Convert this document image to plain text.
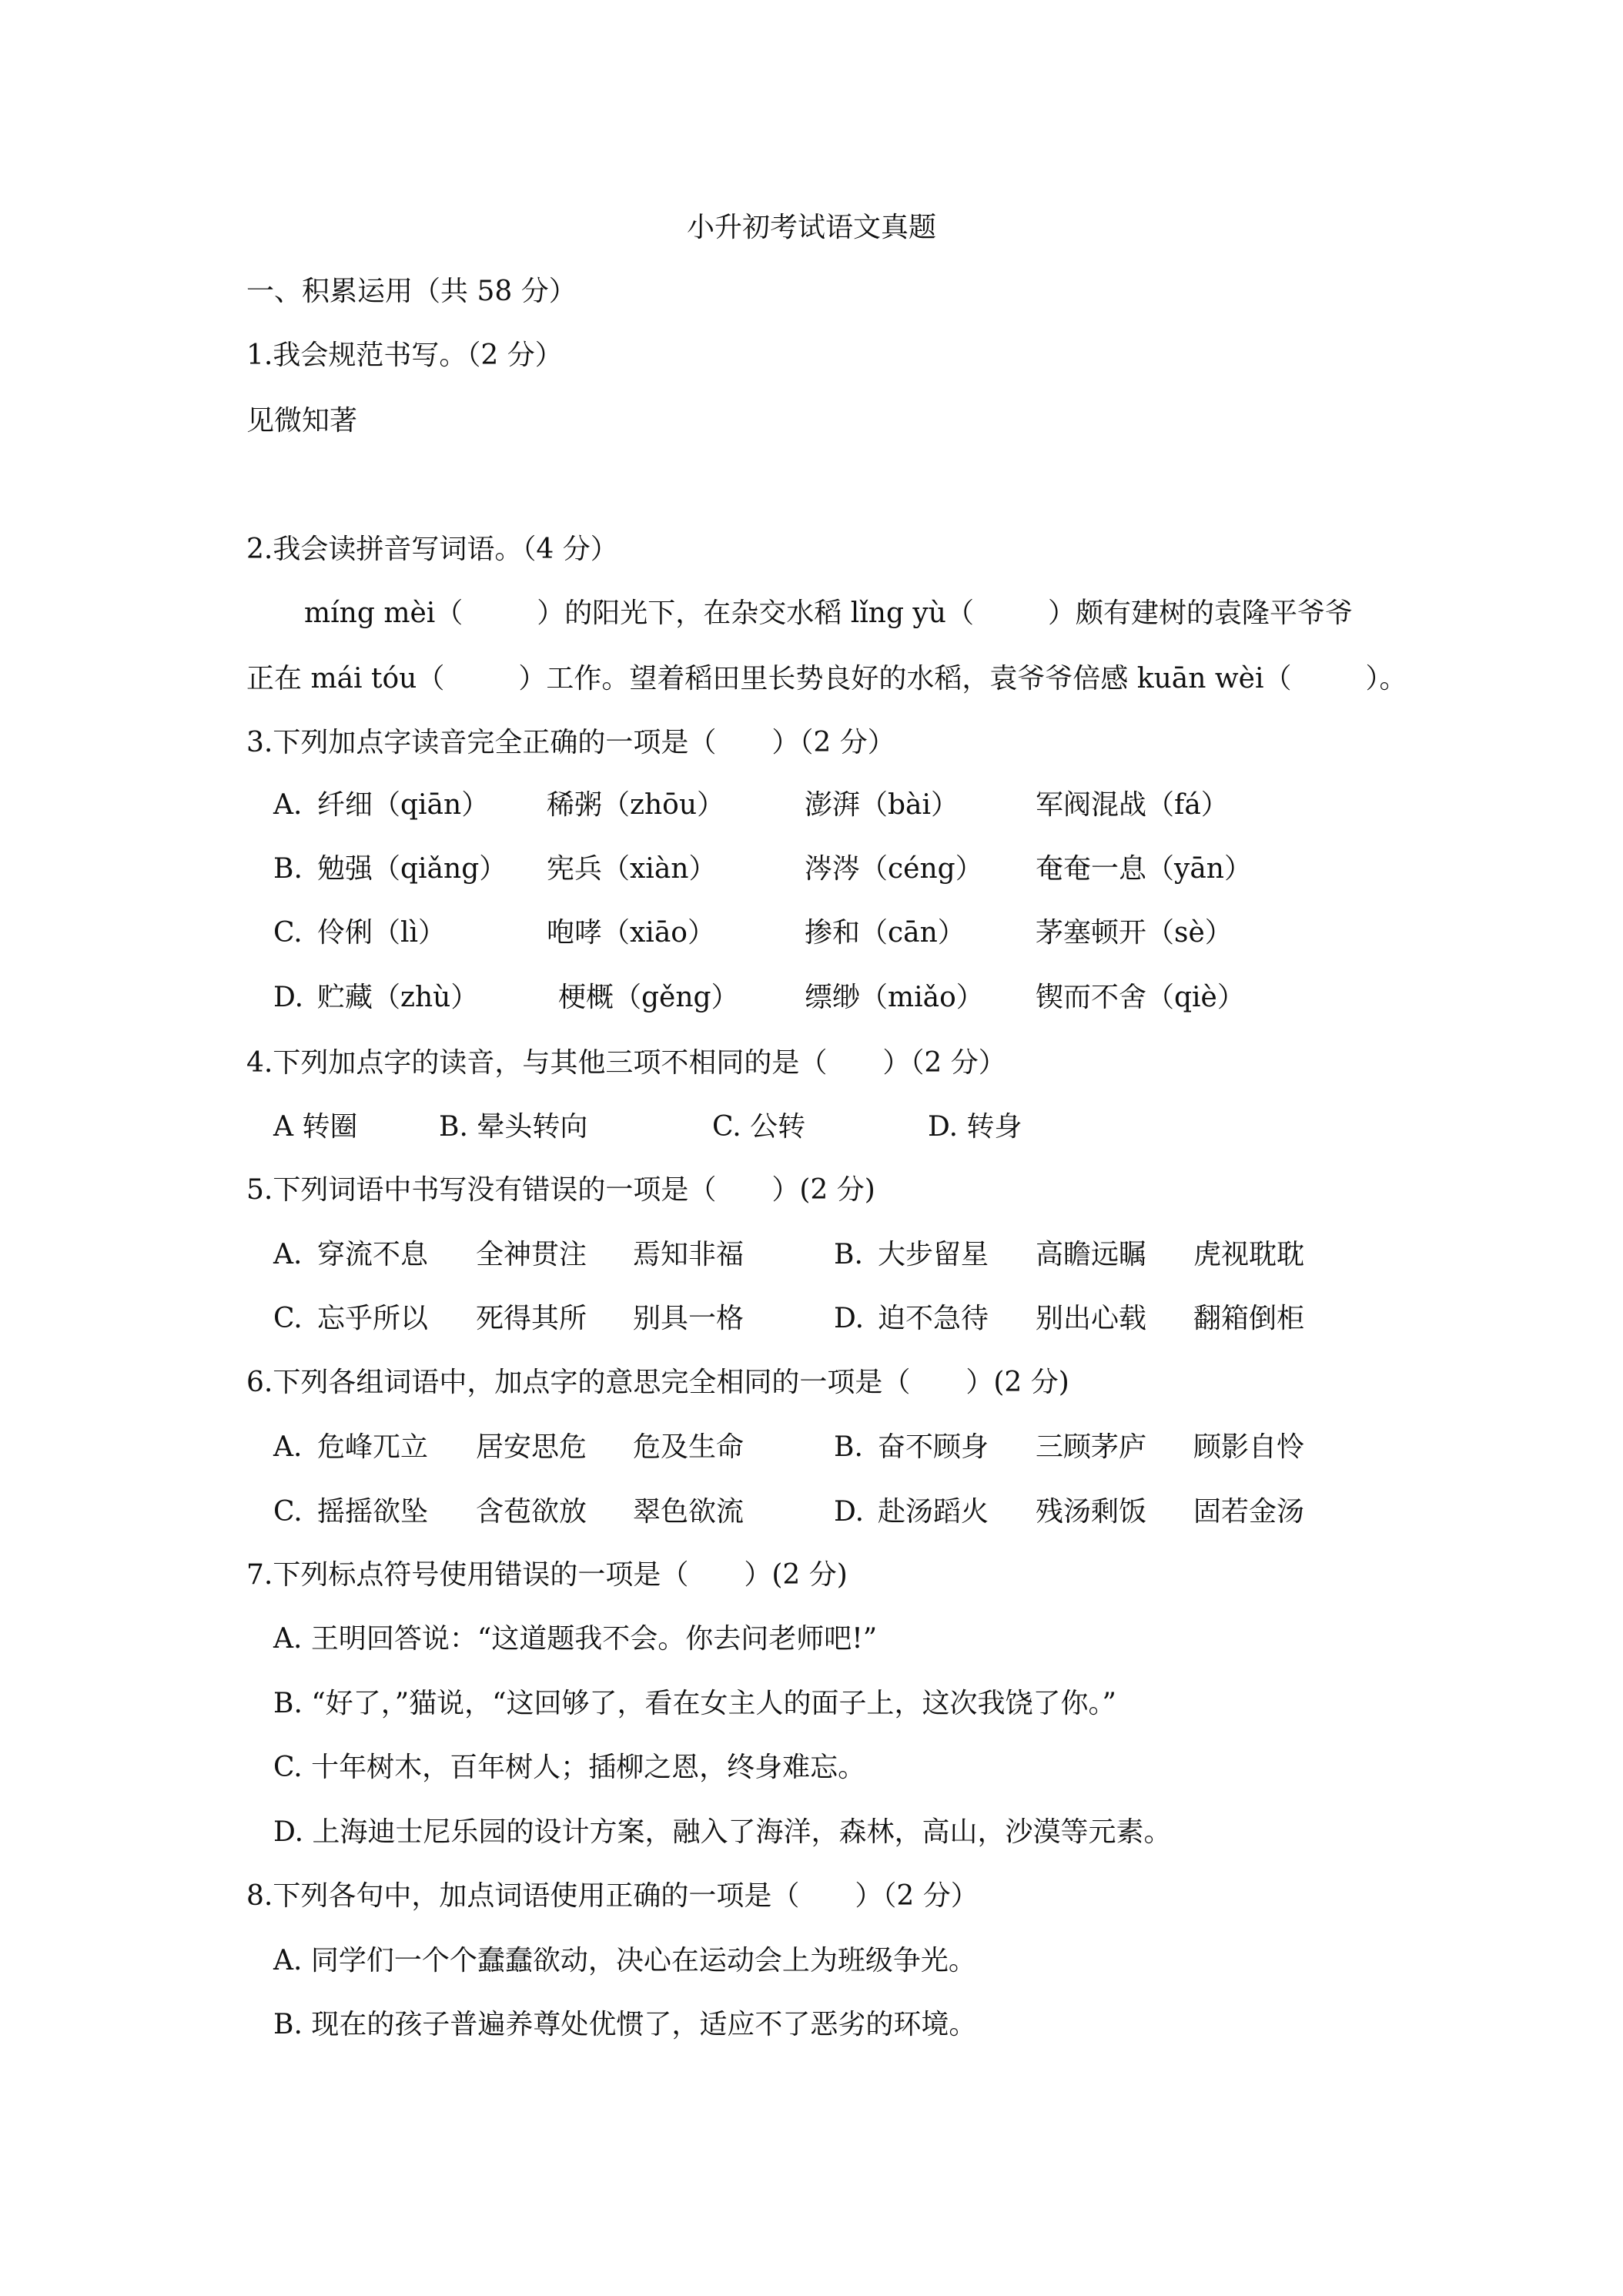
小升初考试语文真题
一、积累运用（共 58 分）
1.我会规范书写。（2 分）
见微知著
2.我会读拼音写词语。（4 分）
míng mèi（	）的阳光下，在杂交水稻 lǐng yù（	）颇有建树的袁隆平爷爷
正在 mái tóu（	）工作。望着稻田里长势良好的水稻，袁爷爷倍感 kuān wèi（	）。
3.下列加点字读音完全正确的一项是（　　）（2 分）
A. 纤细（qiān） 稀粥（zhōu）	澎湃（bài）	军阀混战（fá）
B. 勉强（qiǎng） 宪兵（xiàn）	涔涔（céng） 奄奄一息（yān）
C. 伶俐（lì）	咆哮（xiāo）	掺和（cān）	茅塞顿开（sè）
D. 贮藏（zhù）	梗概（gěng） 缥缈（miǎo） 锲而不舍（qiè）
4.下列加点字的读音，与其他三项不相同的是（　　）（2 分）
A 转圈	B. 晕头转向	C. 公转	D. 转身
5.下列词语中书写没有错误的一项是（　　）(2 分)
A. 穿流不息 全神贯注 焉知非福	B. 大步留星 高瞻远瞩 虎视耽耽
C. 忘乎所以 死得其所 别具一格	D. 迫不急待 别出心载 翻箱倒柜
6.下列各组词语中，加点字的意思完全相同的一项是（　　）(2 分)
A. 危峰兀立 居安思危 危及生命	B. 奋不顾身 三顾茅庐 顾影自怜
C. 摇摇欲坠 含苞欲放 翠色欲流	D. 赴汤蹈火 残汤剩饭 固若金汤
7.下列标点符号使用错误的一项是（　　）(2 分)
A. 王明回答说：“这道题我不会。你去问老师吧!”
B. “好了，”猫说，“这回够了，看在女主人的面子上，这次我饶了你。”
C. 十年树木，百年树人；插柳之恩，终身难忘。
D. 上海迪士尼乐园的设计方案，融入了海洋，森林，高山，沙漠等元素。
8.下列各句中，加点词语使用正确的一项是（　　）（2 分）
A. 同学们一个个蠢蠢欲动，决心在运动会上为班级争光。
B. 现在的孩子普遍养尊处优惯了，适应不了恶劣的环境。
